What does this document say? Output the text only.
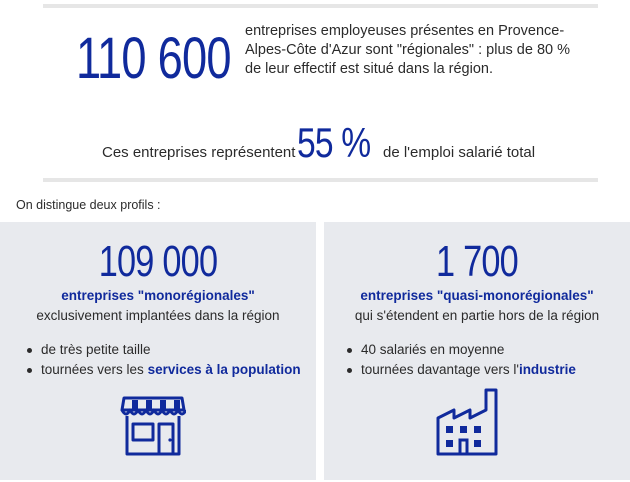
110 600 entreprises employeuses présentes en Provence-Alpes-Côte d'Azur sont "régionales" : plus de 80 % de leur effectif est situé dans la région.
Ces entreprises représentent 55 % de l'emploi salarié total
On distingue deux profils :
109 000
entreprises "monorégionales"
exclusivement implantées dans la région
de très petite taille
tournées vers les services à la population
1 700
entreprises "quasi-monorégionales"
qui s'étendent en partie hors de la région
40 salariés en moyenne
tournées davantage vers l'industrie
